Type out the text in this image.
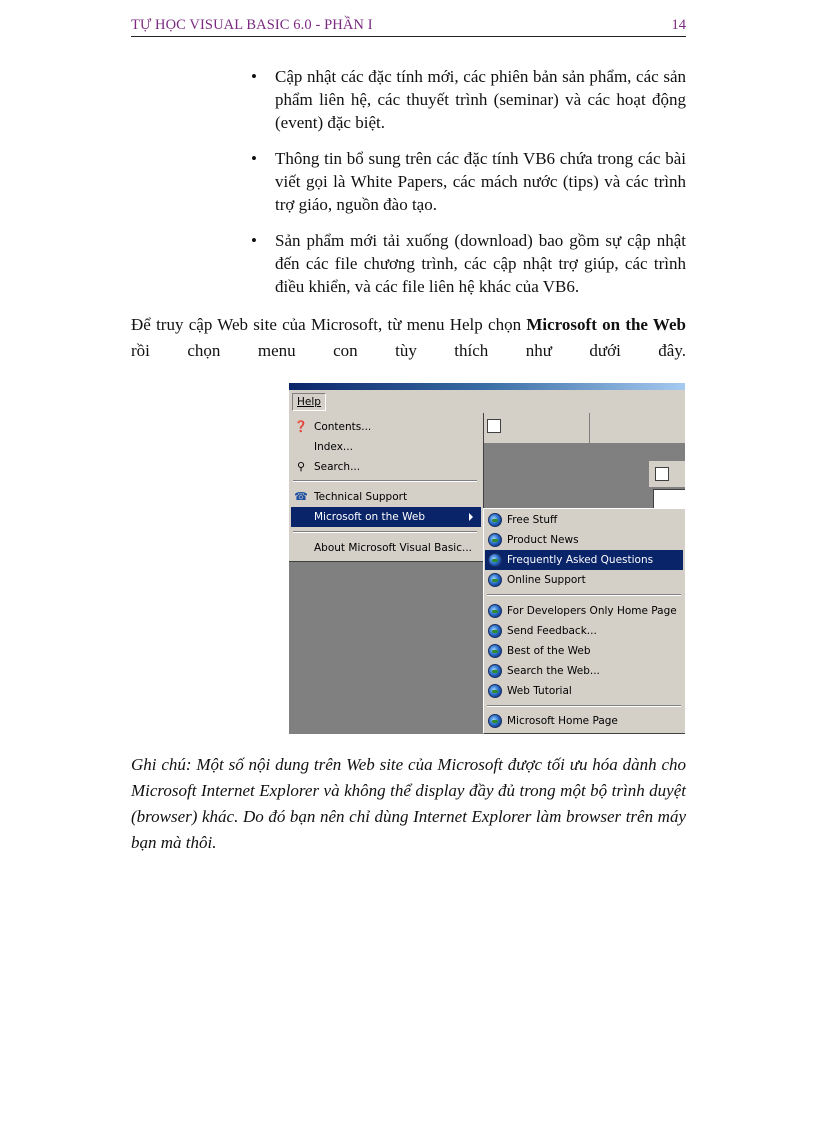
TỰ HỌC VISUAL BASIC 6.0 - PHẦN I	14
• Cập nhật các đặc tính mới, các phiên bản sản phẩm, các sản phẩm liên hệ, các thuyết trình (seminar) và các hoạt động (event) đặc biệt.
• Thông tin bổ sung trên các đặc tính VB6 chứa trong các bài viết gọi là White Papers, các mách nước (tips) và các trình trợ giáo, nguồn đào tạo.
• Sản phẩm mới tải xuống (download) bao gồm sự cập nhật đến các file chương trình, các cập nhật trợ giúp, các trình điều khiển, và các file liên hệ khác của VB6.

Để truy cập Web site của Microsoft, từ menu Help chọn Microsoft on the Web rồi chọn menu con tùy thích như dưới đây.

Help
❓ Contents...
Index...
⚲ Search...
☎ Technical Support
Microsoft on the Web
About Microsoft Visual Basic...
Free Stuff
Product News
Frequently Asked Questions
Online Support
For Developers Only Home Page
Send Feedback...
Best of the Web
Search the Web...
Web Tutorial
Microsoft Home Page

Ghi chú: Một số nội dung trên Web site của Microsoft được tối ưu hóa dành cho Microsoft Internet Explorer và không thể display đầy đủ trong một bộ trình duyệt (browser) khác. Do đó bạn nên chỉ dùng Internet Explorer làm browser trên máy bạn mà thôi.
